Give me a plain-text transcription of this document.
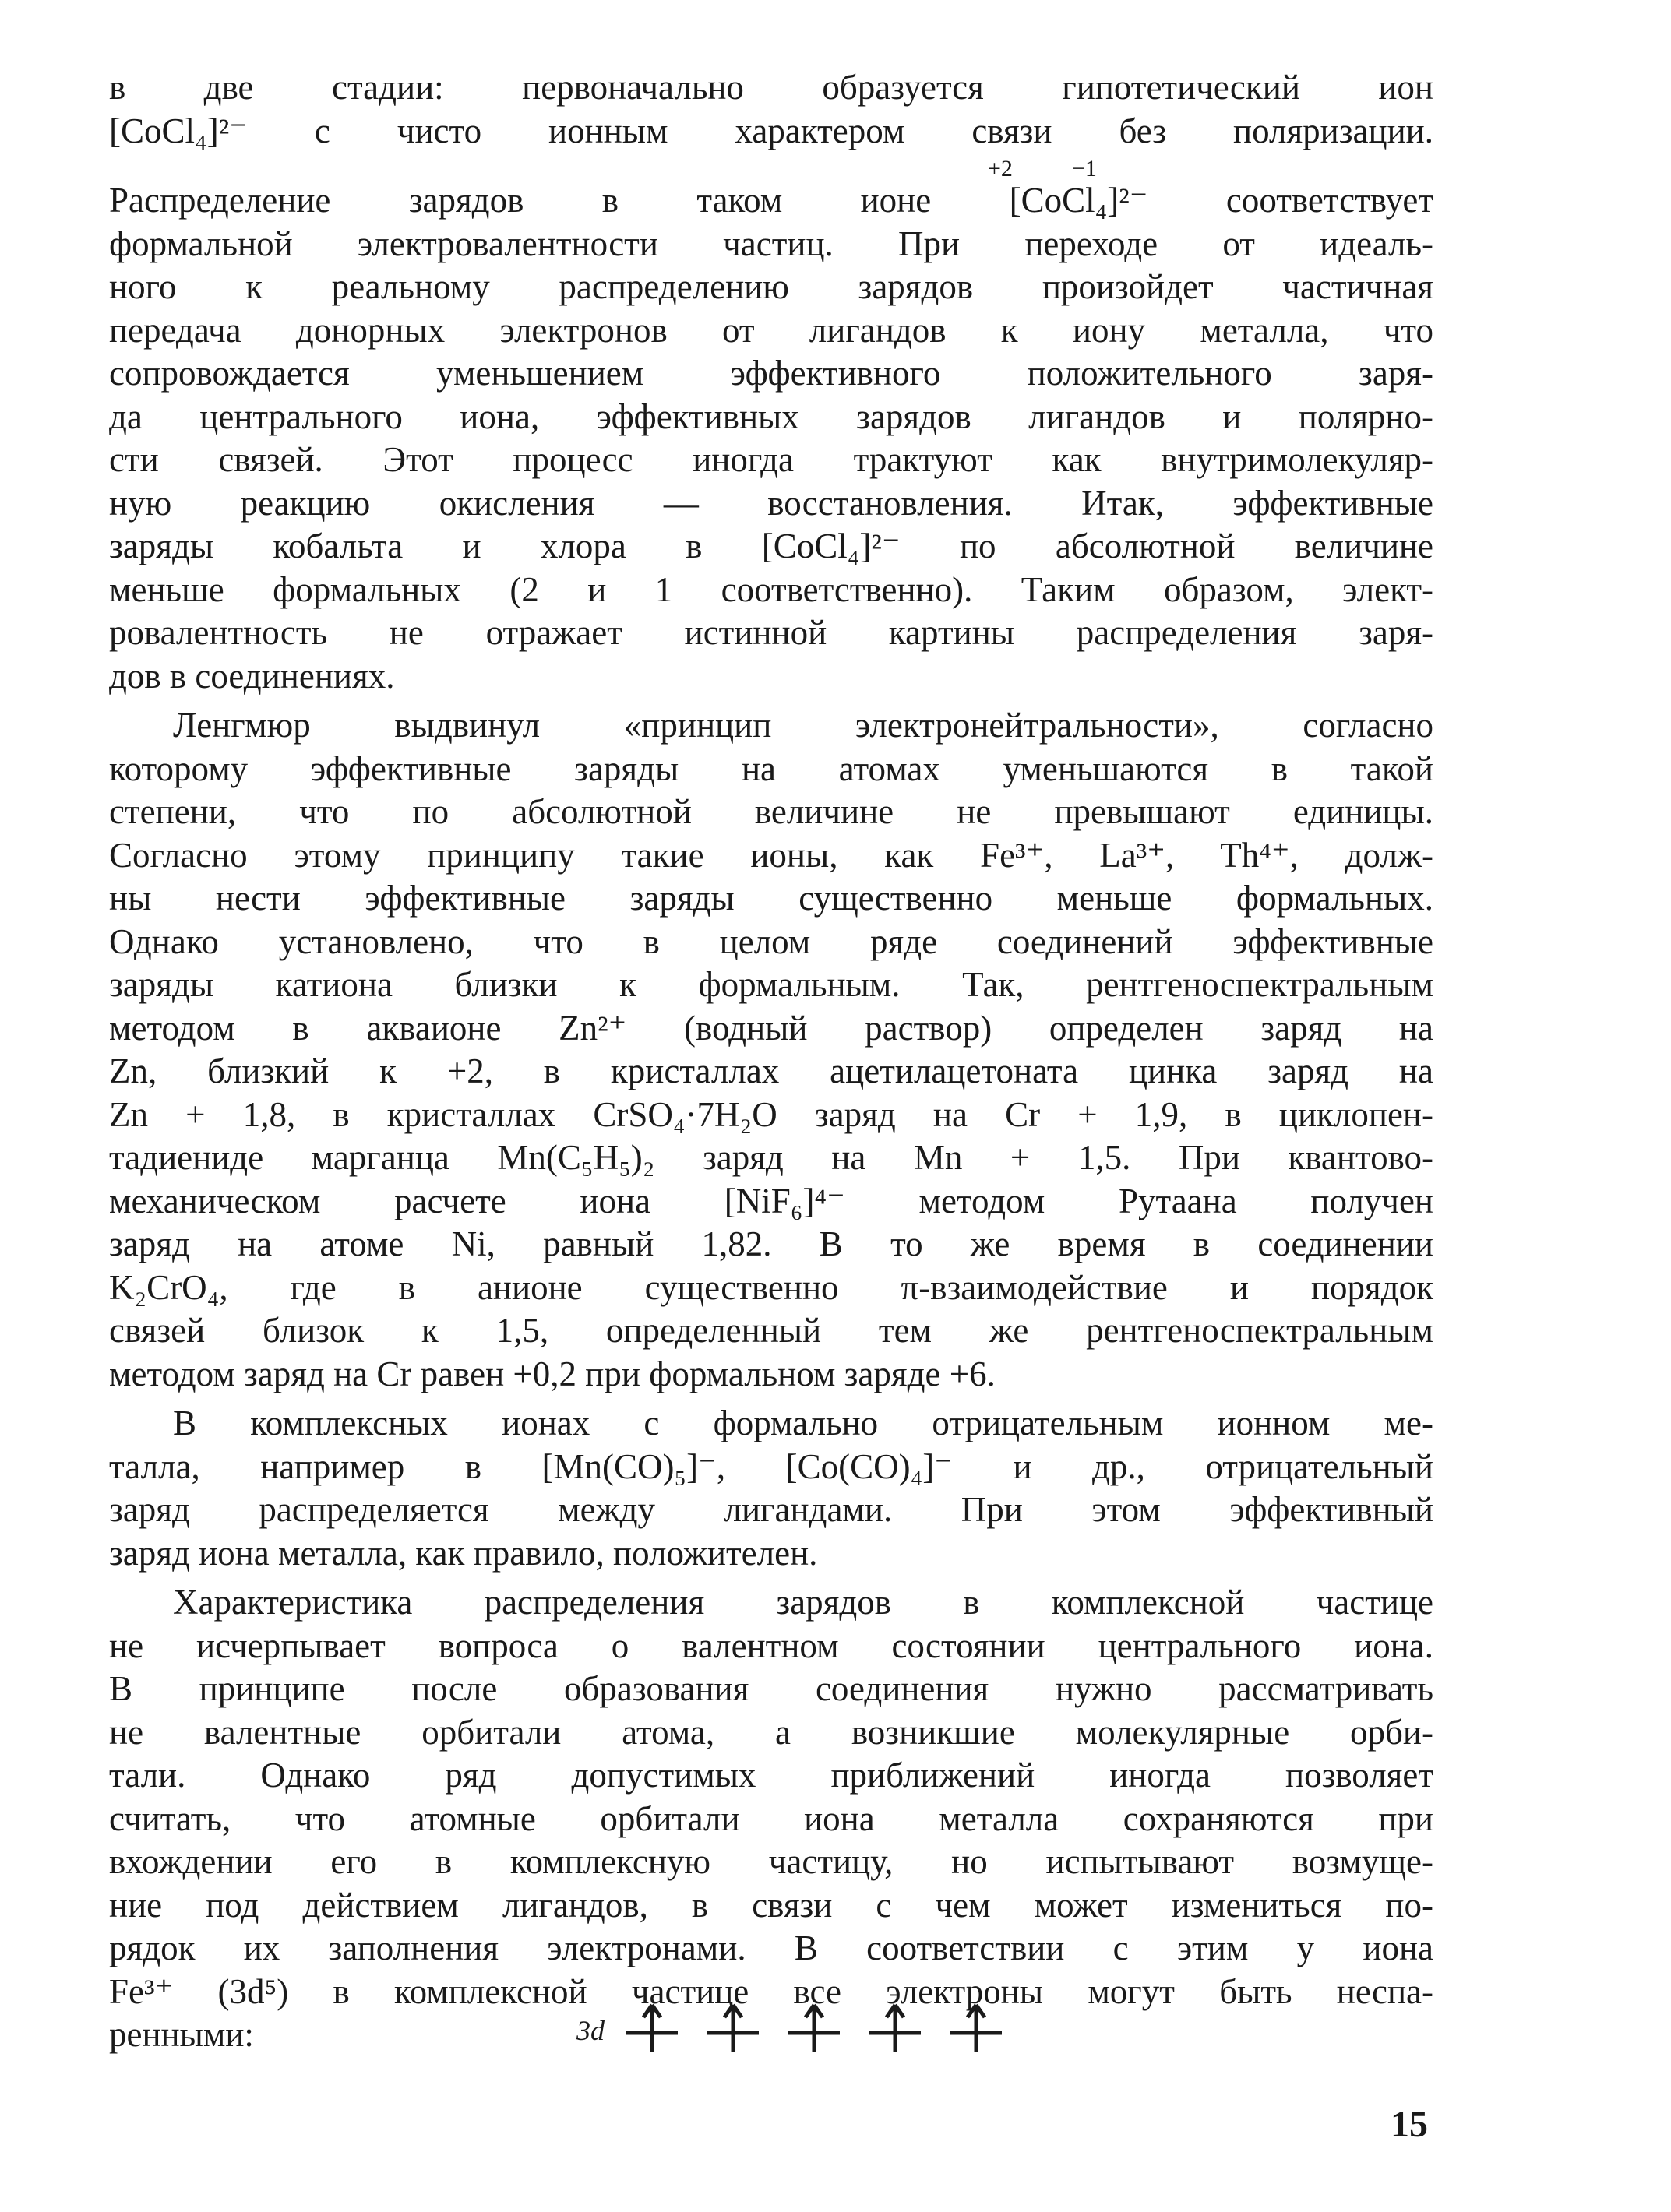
в две стадии: первоначально образуется гипотетический ион
[CoCl₄]²⁻ с чисто ионным характером связи без поляризации.
+2	−1
Распределение зарядов в таком ионе [CoCl₄]²⁻ соответствует
формальной электровалентности частиц. При переходе от идеаль-
ного к реальному распределению зарядов произойдет частичная
передача донорных электронов от лигандов к иону металла, что
сопровождается уменьшением эффективного положительного заря-
да центрального иона, эффективных зарядов лигандов и полярно-
сти связей. Этот процесс иногда трактуют как внутримолекуляр-
ную реакцию окисления — восстановления. Итак, эффективные
заряды кобальта и хлора в [CoCl₄]²⁻ по абсолютной величине
меньше формальных (2 и 1 соответственно). Таким образом, элект-
ровалентность не отражает истинной картины распределения заря-
дов в соединениях.
Ленгмюр выдвинул «принцип электронейтральности», согласно
которому эффективные заряды на атомах уменьшаются в такой
степени, что по абсолютной величине не превышают единицы.
Согласно этому принципу такие ионы, как Fe³⁺, La³⁺, Th⁴⁺, долж-
ны нести эффективные заряды существенно меньше формальных.
Однако установлено, что в целом ряде соединений эффективные
заряды катиона близки к формальным. Так, рентгеноспектральным
методом в акваионе Zn²⁺ (водный раствор) определен заряд на
Zn, близкий к +2, в кристаллах ацетилацетоната цинка заряд на
Zn + 1,8, в кристаллах CrSO₄·7H₂O заряд на Cr + 1,9, в циклопен-
тадиениде марганца Mn(C₅H₅)₂ заряд на Mn + 1,5. При квантово-
механическом расчете иона [NiF₆]⁴⁻ методом Рутаана получен
заряд на атоме Ni, равный 1,82. В то же время в соединении
K₂CrO₄, где в анионе существенно π-взаимодействие и порядок
связей близок к 1,5, определенный тем же рентгеноспектральным
методом заряд на Cr равен +0,2 при формальном заряде +6.
В комплексных ионах с формально отрицательным ионном ме-
талла, например в [Mn(CO)₅]⁻, [Co(CO)₄]⁻ и др., отрицательный
заряд распределяется между лигандами. При этом эффективный
заряд иона металла, как правило, положителен.
Характеристика распределения зарядов в комплексной частице
не исчерпывает вопроса о валентном состоянии центрального иона.
В принципе после образования соединения нужно рассматривать
не валентные орбитали атома, а возникшие молекулярные орби-
тали. Однако ряд допустимых приближений иногда позволяет
считать, что атомные орбитали иона металла сохраняются при
вхождении его в комплексную частицу, но испытывают возмуще-
ние под действием лигандов, в связи с чем может измениться по-
рядок их заполнения электронами. В соответствии с этим у иона
Fe³⁺ (3d⁵) в комплексной частице все электроны могут быть неспа-
ренными:	3d
15
